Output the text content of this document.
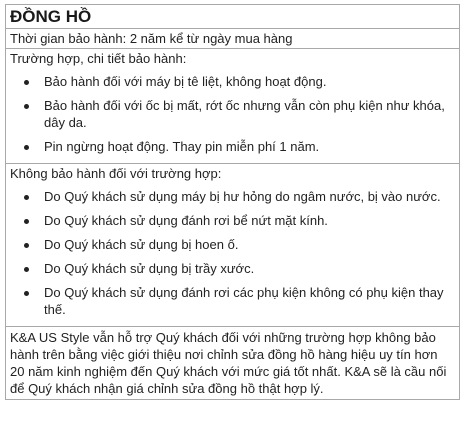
ĐỒNG HỒ
Thời gian bảo hành: 2 năm kể từ ngày mua hàng

Trường hợp, chi tiết bảo hành:
Bảo hành đối với máy bị tê liệt, không hoạt động.
Bảo hành đối với ốc bị mất, rớt ốc nhưng vẫn còn phụ kiện như khóa, dây da.
Pin ngừng hoạt động. Thay pin miễn phí 1 năm.

Không bảo hành đối với trường hợp:
Do Quý khách sử dụng máy bị hư hỏng do ngâm nước, bị vào nước.
Do Quý khách sử dụng đánh rơi bể nứt mặt kính.
Do Quý khách sử dụng bị hoen ố.
Do Quý khách sử dụng bị trầy xước.
Do Quý khách sử dụng đánh rơi các phụ kiện không có phụ kiện thay thế.

K&A US Style vẫn hỗ trợ Quý khách đối với những trường hợp không bảo hành trên bằng việc giới thiệu nơi chỉnh sửa đồng hồ hàng hiệu uy tín hơn 20 năm kinh nghiệm đến Quý khách với mức giá tốt nhất. K&A sẽ là cầu nối để Quý khách nhận giá chỉnh sửa đồng hồ thật hợp lý.
